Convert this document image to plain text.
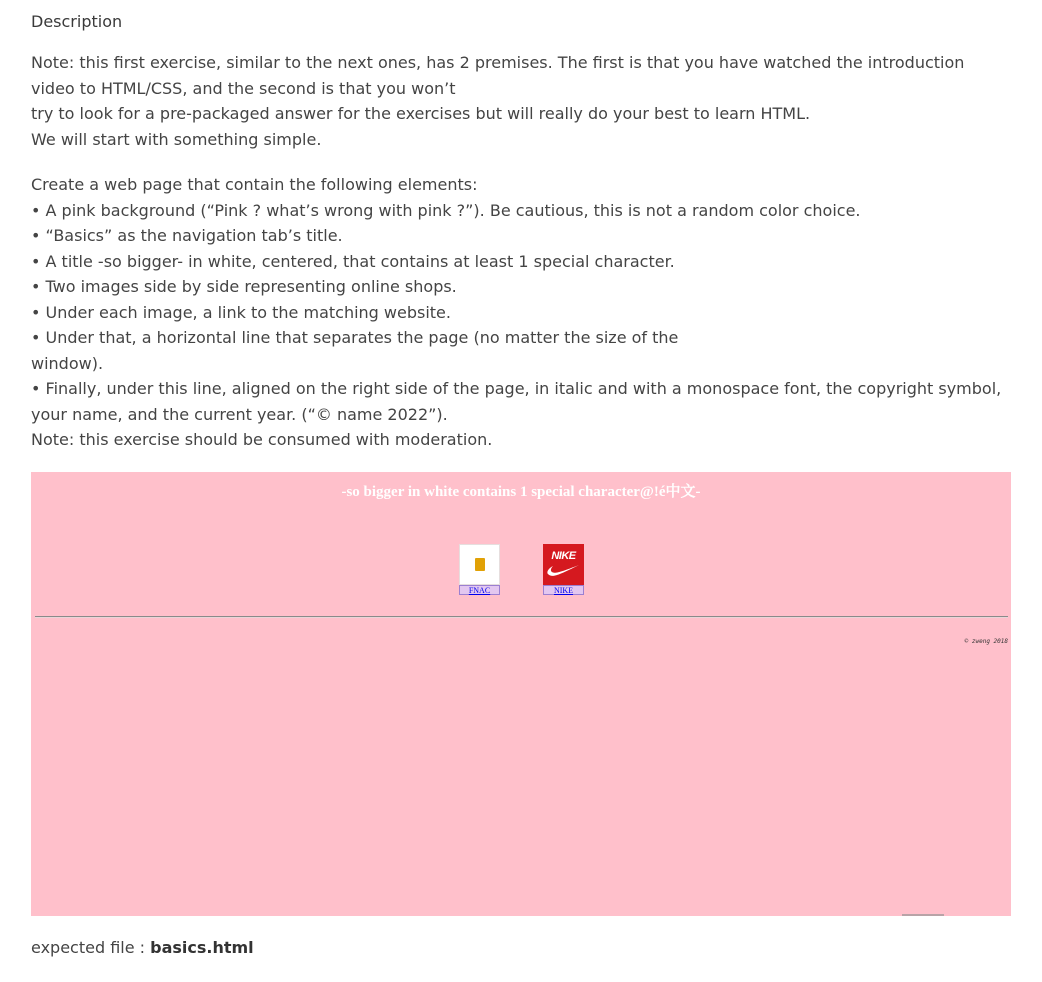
Description

Note: this first exercise, similar to the next ones, has 2 premises. The first is that you have watched the introduction video to HTML/CSS, and the second is that you won’t

try to look for a pre-packaged answer for the exercises but will really do your best to learn HTML.

We will start with something simple.

Create a web page that contain the following elements:

• A pink background (“Pink ? what’s wrong with pink ?”). Be cautious, this is not a random color choice.

• “Basics” as the navigation tab’s title.

• A title -so bigger- in white, centered, that contains at least 1 special character.

• Two images side by side representing online shops.

• Under each image, a link to the matching website.

• Under that, a horizontal line that separates the page (no matter the size of the

window).

• Finally, under this line, aligned on the right side of the page, in italic and with a monospace font, the copyright symbol, your name, and the current year. (“© name 2022”).

Note: this exercise should be consumed with moderation.

-so bigger in white contains 1 special character@!é中文-
FNAC
NIKE
NIKE
© zweng 2018
expected file : basics.html
